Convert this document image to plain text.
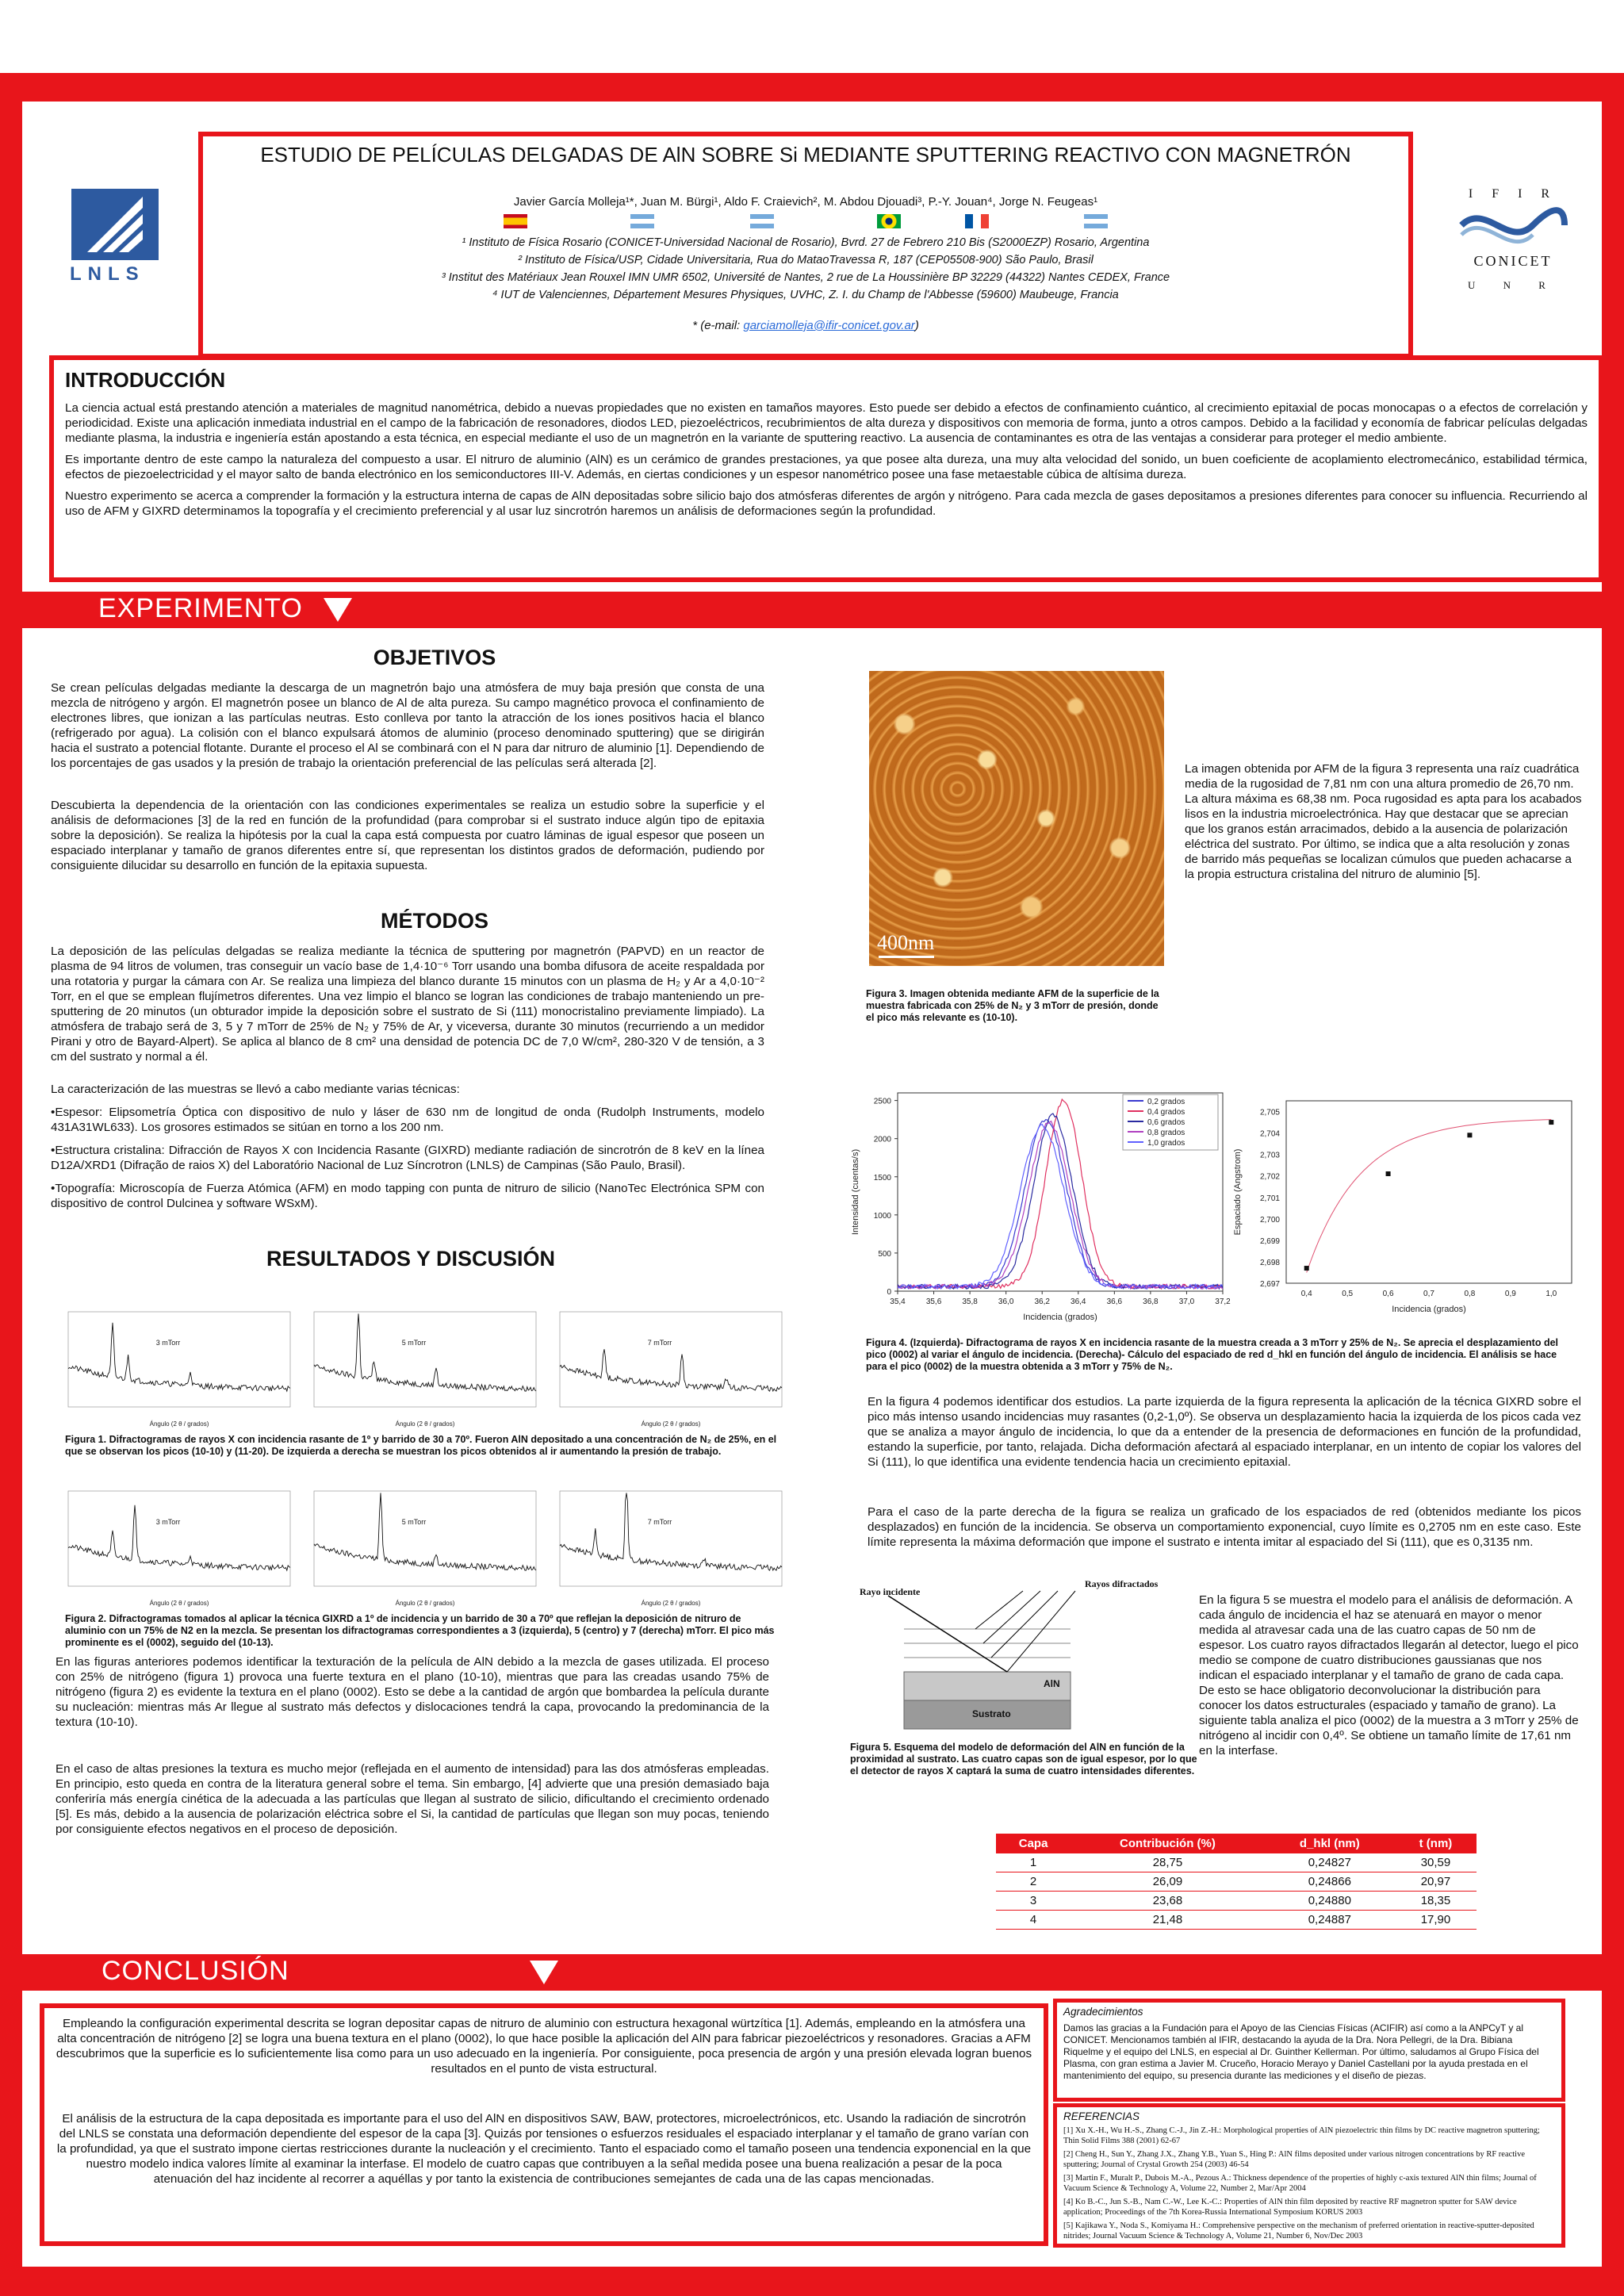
LNLS
ESTUDIO DE PELÍCULAS DELGADAS DE AlN SOBRE Si MEDIANTE SPUTTERING REACTIVO CON MAGNETRÓN
Javier García Molleja¹*, Juan M. Bürgi¹, Aldo F. Craievich², M. Abdou Djouadi³, P.-Y. Jouan⁴, Jorge N. Feugeas¹

¹ Instituto de Física Rosario (CONICET-Universidad Nacional de Rosario), Bvrd. 27 de Febrero 210 Bis (S2000EZP) Rosario, Argentina
² Instituto de Física/USP, Cidade Universitaria, Rua do MataoTravessa R, 187 (CEP05508-900) São Paulo, Brasil
³ Institut des Matériaux Jean Rouxel IMN UMR 6502, Université de Nantes, 2 rue de La Houssinière BP 32229 (44322) Nantes CEDEX, France
⁴ IUT de Valenciennes, Département Mesures Physiques, UVHC, Z. I. du Champ de l'Abbesse (59600) Maubeuge, Francia
* (e-mail: garciamolleja@ifir-conicet.gov.ar)
I F I R
CONICET
U N R
INTRODUCCIÓN

La ciencia actual está prestando atención a materiales de magnitud nanométrica, debido a nuevas propiedades que no existen en tamaños mayores. Esto puede ser debido a efectos de confinamiento cuántico, al crecimiento epitaxial de pocas monocapas o a efectos de correlación y periodicidad. Existe una aplicación inmediata industrial en el campo de la fabricación de resonadores, diodos LED, piezoeléctricos, recubrimientos de alta dureza y dispositivos con memoria de forma, junto a otros campos. Debido a la facilidad y economía de fabricar películas delgadas mediante plasma, la industria e ingeniería están apostando a esta técnica, en especial mediante el uso de un magnetrón en la variante de sputtering reactivo. La ausencia de contaminantes es otra de las ventajas a considerar para proteger el medio ambiente.

Es importante dentro de este campo la naturaleza del compuesto a usar. El nitruro de aluminio (AlN) es un cerámico de grandes prestaciones, ya que posee alta dureza, una muy alta velocidad del sonido, un buen coeficiente de acoplamiento electromecánico, estabilidad térmica, efectos de piezoelectricidad y el mayor salto de banda electrónico en los semiconductores III-V. Además, en ciertas condiciones y un espesor nanométrico posee una fase metaestable cúbica de altísima dureza.

Nuestro experimento se acerca a comprender la formación y la estructura interna de capas de AlN depositadas sobre silicio bajo dos atmósferas diferentes de argón y nitrógeno. Para cada mezcla de gases depositamos a presiones diferentes para conocer su influencia. Recurriendo al uso de AFM y GIXRD determinamos la topografía y el crecimiento preferencial y al usar luz sincrotrón haremos un análisis de deformaciones según la profundidad.

EXPERIMENTO
OBJETIVOS

Se crean películas delgadas mediante la descarga de un magnetrón bajo una atmósfera de muy baja presión que consta de una mezcla de nitrógeno y argón. El magnetrón posee un blanco de Al de alta pureza. Su campo magnético provoca el confinamiento de electrones libres, que ionizan a las partículas neutras. Esto conlleva por tanto la atracción de los iones positivos hacia el blanco (refrigerado por agua). La colisión con el blanco expulsará átomos de aluminio (proceso denominado sputtering) que se dirigirán hacia el sustrato a potencial flotante. Durante el proceso el Al se combinará con el N para dar nitruro de aluminio [1]. Dependiendo de los porcentajes de gas usados y la presión de trabajo la orientación preferencial de las películas será alterada [2].

Descubierta la dependencia de la orientación con las condiciones experimentales se realiza un estudio sobre la superficie y el análisis de deformaciones [3] de la red en función de la profundidad (para comprobar si el sustrato induce algún tipo de epitaxia sobre la deposición). Se realiza la hipótesis por la cual la capa está compuesta por cuatro láminas de igual espesor que poseen un espaciado interplanar y tamaño de granos diferentes entre sí, que representan los distintos grados de deformación, pudiendo por consiguiente dilucidar su desarrollo en función de la epitaxia supuesta.

MÉTODOS

La deposición de las películas delgadas se realiza mediante la técnica de sputtering por magnetrón (PAPVD) en un reactor de plasma de 94 litros de volumen, tras conseguir un vacío base de 1,4·10⁻⁶ Torr usando una bomba difusora de aceite respaldada por una rotatoria y purgar la cámara con Ar. Se realiza una limpieza del blanco durante 15 minutos con un plasma de H₂ y Ar a 4,0·10⁻² Torr, en el que se emplean flujímetros diferentes. Una vez limpio el blanco se logran las condiciones de trabajo manteniendo un pre-sputtering de 20 minutos (un obturador impide la deposición sobre el sustrato de Si (111) monocristalino previamente limpiado). La atmósfera de trabajo será de 3, 5 y 7 mTorr de 25% de N₂ y 75% de Ar, y viceversa, durante 30 minutos (recurriendo a un medidor Pirani y otro de Bayard-Alpert). Se aplica al blanco de 8 cm² una densidad de potencia DC de 7,0 W/cm², 280-320 V de tensión, a 3 cm del sustrato y normal a él.

La caracterización de las muestras se llevó a cabo mediante varias técnicas:

•Espesor: Elipsometría Óptica con dispositivo de nulo y láser de 630 nm de longitud de onda (Rudolph Instruments, modelo 431A31WL633). Los grosores estimados se sitúan en torno a los 200 nm.

•Estructura cristalina: Difracción de Rayos X con Incidencia Rasante (GIXRD) mediante radiación de sincrotrón de 8 keV en la línea D12A/XRD1 (Difração de raios X) del Laboratório Nacional de Luz Síncrotron (LNLS) de Campinas (São Paulo, Brasil).

•Topografía: Microscopía de Fuerza Atómica (AFM) en modo tapping con punta de nitruro de silicio (NanoTec Electrónica SPM con dispositivo de control Dulcinea y software WSxM).

RESULTADOS Y DISCUSIÓN
3 mTorr
Ángulo (2 θ / grados)
5 mTorr
Ángulo (2 θ / grados)
7 mTorr
Ángulo (2 θ / grados)
Figura 1. Difractogramas de rayos X con incidencia rasante de 1º y barrido de 30 a 70º. Fueron AlN depositado a una concentración de N₂ de 25%, en el que se observan los picos (10-10) y (11-20). De izquierda a derecha se muestran los picos obtenidos al ir aumentando la presión de trabajo.
3 mTorr
Ángulo (2 θ / grados)
5 mTorr
Ángulo (2 θ / grados)
7 mTorr
Ángulo (2 θ / grados)
Figura 2. Difractogramas tomados al aplicar la técnica GIXRD a 1º de incidencia y un barrido de 30 a 70º que reflejan la deposición de nitruro de aluminio con un 75% de N2 en la mezcla. Se presentan los difractogramas correspondientes a 3 (izquierda), 5 (centro) y 7 (derecha) mTorr. El pico más prominente es el (0002), seguido del (10-13).

En las figuras anteriores podemos identificar la texturación de la película de AlN debido a la mezcla de gases utilizada. El proceso con 25% de nitrógeno (figura 1) provoca una fuerte textura en el plano (10-10), mientras que para las creadas usando 75% de nitrógeno (figura 2) es evidente la textura en el plano (0002). Esto se debe a la cantidad de argón que bombardea la película durante su nucleación: mientras más Ar llegue al sustrato más defectos y dislocaciones tendrá la capa, provocando la predominancia de la textura (10-10).

En el caso de altas presiones la textura es mucho mejor (reflejada en el aumento de intensidad) para las dos atmósferas empleadas. En principio, esto queda en contra de la literatura general sobre el tema. Sin embargo, [4] advierte que una presión demasiado baja conferiría más energía cinética de la adecuada a las partículas que llegan al sustrato de silicio, dificultando el crecimiento ordenado [5]. Es más, debido a la ausencia de polarización eléctrica sobre el Si, la cantidad de partículas que llegan son muy pocas, teniendo por consiguiente efectos negativos en el proceso de deposición.

400nm
Figura 3. Imagen obtenida mediante AFM de la superficie de la muestra fabricada con 25% de N₂ y 3 mTorr de presión, donde el pico más relevante es (10-10).
La imagen obtenida por AFM de la figura 3 representa una raíz cuadrática media de la rugosidad de 7,81 nm con una altura promedio de 26,70 nm. La altura máxima es 68,38 nm. Poca rugosidad es apta para los acabados lisos en la industria microelectrónica. Hay que destacar que se aprecian que los granos están arracimados, debido a la ausencia de polarización eléctrica del sustrato. Por último, se indica que a alta resolución y zonas de barrido más pequeñas se localizan cúmulos que pueden achacarse a la propia estructura cristalina del nitruro de aluminio [5].
35,4	35,6	35,8	36,0	36,2	36,4	36,6	36,8	37,0	37,2
0
500
1000
1500
2000
2500
Incidencia (grados)
Intensidad (cuentas/s)
0,2 grados
0,4 grados
0,6 grados
0,8 grados
1,0 grados
0,4	0,5	0,6	0,7	0,8	0,9	1,0
2,697
2,698
2,699
2,700
2,701
2,702
2,703
2,704
2,705
Incidencia (grados)
Espaciado (Angstrom)
Figura 4. (Izquierda)- Difractograma de rayos X en incidencia rasante de la muestra creada a 3 mTorr y 25% de N₂. Se aprecia el desplazamiento del pico (0002) al variar el ángulo de incidencia. (Derecha)- Cálculo del espaciado de red d_hkl en función del ángulo de incidencia. El análisis se hace para el pico (0002) de la muestra obtenida a 3 mTorr y 75% de N₂.

En la figura 4 podemos identificar dos estudios. La parte izquierda de la figura representa la aplicación de la técnica GIXRD sobre el pico más intenso usando incidencias muy rasantes (0,2-1,0º). Se observa un desplazamiento hacia la izquierda de los picos cada vez que se analiza a mayor ángulo de incidencia, lo que da a entender de la presencia de deformaciones en función de la profundidad, estando la superficie, por tanto, relajada. Dicha deformación afectará al espaciado interplanar, en un intento de copiar los valores del Si (111), lo que identifica una evidente tendencia hacia un crecimiento epitaxial.

Para el caso de la parte derecha de la figura se realiza un graficado de los espaciados de red (obtenidos mediante los picos desplazados) en función de la incidencia. Se observa un comportamiento exponencial, cuyo límite es 0,2705 nm en este caso. Este límite representa la máxima deformación que impone el sustrato e intenta imitar al espaciado del Si (111), que es 0,3135 nm.

Rayo incidente
Rayos difractados
AlN
Sustrato
Figura 5. Esquema del modelo de deformación del AlN en función de la proximidad al sustrato. Las cuatro capas son de igual espesor, por lo que el detector de rayos X captará la suma de cuatro intensidades diferentes.
En la figura 5 se muestra el modelo para el análisis de deformación. A cada ángulo de incidencia el haz se atenuará en mayor o menor medida al atravesar cada una de las cuatro capas de 50 nm de espesor. Los cuatro rayos difractados llegarán al detector, luego el pico medio se compone de cuatro distribuciones gaussianas que nos indican el espaciado interplanar y el tamaño de grano de cada capa. De esto se hace obligatorio deconvolucionar la distribución para conocer los datos estructurales (espaciado y tamaño de grano). La siguiente tabla analiza el pico (0002) de la muestra a 3 mTorr y 25% de nitrógeno al incidir con 0,4º. Se obtiene un tamaño límite de 17,61 nm en la interfase.
Capa	Contribución (%)	d_hkl (nm)	t (nm)
1	28,75	0,24827	30,59
2	26,09	0,24866	20,97
3	23,68	0,24880	18,35
4	21,48	0,24887	17,90
CONCLUSIÓN

Empleando la configuración experimental descrita se logran depositar capas de nitruro de aluminio con estructura hexagonal würtzítica [1]. Además, empleando en la atmósfera una alta concentración de nitrógeno [2] se logra una buena textura en el plano (0002), lo que hace posible la aplicación del AlN para fabricar piezoeléctricos y resonadores. Gracias a AFM descubrimos que la superficie es lo suficientemente lisa como para un uso adecuado en la ingeniería. Por consiguiente, poca presencia de argón y una presión elevada logran buenos resultados en el punto de vista estructural.

El análisis de la estructura de la capa depositada es importante para el uso del AlN en dispositivos SAW, BAW, protectores, microelectrónicos, etc. Usando la radiación de sincrotrón del LNLS se constata una deformación dependiente del espesor de la capa [3]. Quizás por tensiones o esfuerzos residuales el espaciado interplanar y el tamaño de grano varían con la profundidad, ya que el sustrato impone ciertas restricciones durante la nucleación y el crecimiento. Tanto el espaciado como el tamaño poseen una tendencia exponencial en la que nuestro modelo indica valores límite al examinar la interfase. El modelo de cuatro capas que contribuyen a la señal medida posee una buena realización a pesar de la poca atenuación del haz incidente al recorrer a aquéllas y por tanto la existencia de contribuciones semejantes de cada una de las capas mencionadas.

Agradecimientos
Damos las gracias a la Fundación para el Apoyo de las Ciencias Físicas (ACIFIR) así como a la ANPCyT y al CONICET. Mencionamos también al IFIR, destacando la ayuda de la Dra. Nora Pellegri, de la Dra. Bibiana Riquelme y el equipo del LNLS, en especial al Dr. Guinther Kellerman. Por último, saludamos al Grupo Física del Plasma, con gran estima a Javier M. Cruceño, Horacio Merayo y Daniel Castellani por la ayuda prestada en el mantenimiento del equipo, su presencia durante las mediciones y el diseño de piezas.
REFERENCIAS
[1] Xu X.-H., Wu H.-S., Zhang C.-J., Jin Z.-H.: Morphological properties of AlN piezoelectric thin films by DC reactive magnetron sputtering; Thin Solid Films 388 (2001) 62-67
[2] Cheng H., Sun Y., Zhang J.X., Zhang Y.B., Yuan S., Hing P.: AlN films deposited under various nitrogen concentrations by RF reactive sputtering; Journal of Crystal Growth 254 (2003) 46-54
[3] Martin F., Muralt P., Dubois M.-A., Pezous A.: Thickness dependence of the properties of highly c-axis textured AlN thin films; Journal of Vacuum Science & Technology A, Volume 22, Number 2, Mar/Apr 2004
[4] Ko B.-C., Jun S.-B., Nam C.-W., Lee K.-C.: Properties of AlN thin film deposited by reactive RF magnetron sputter for SAW device application; Proceedings of the 7th Korea-Russia International Symposium KORUS 2003
[5] Kajikawa Y., Noda S., Komiyama H.: Comprehensive perspective on the mechanism of preferred orientation in reactive-sputter-deposited nitrides; Journal Vacuum Science & Technology A, Volume 21, Number 6, Nov/Dec 2003
